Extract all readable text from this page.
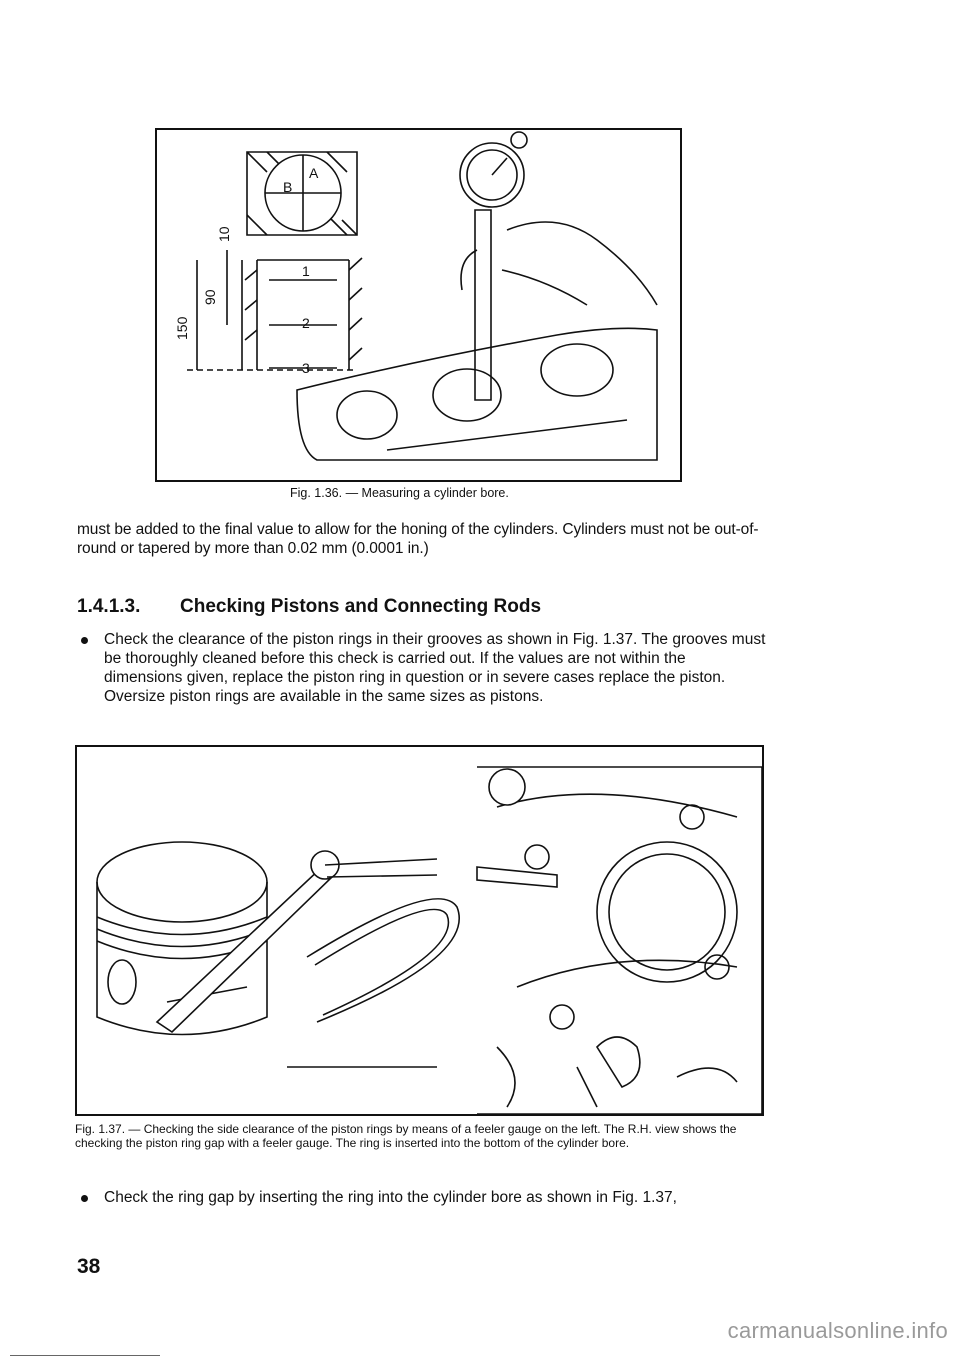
B
A
1
2
3
10
90
150
Fig. 1.36. — Measuring a cylinder bore.
must be added to the final value to allow for the honing of the cylinders. Cylinders must not be out-of-round or tapered by more than 0.02 mm (0.0001 in.)
1.4.1.3. Checking Pistons and Connecting Rods
Check the clearance of the piston rings in their grooves as shown in Fig. 1.37. The grooves must be thoroughly cleaned before this check is carried out. If the values are not within the dimensions given, replace the piston ring in question or in severe cases replace the piston. Oversize piston rings are available in the same sizes as pistons.
Fig. 1.37. — Checking the side clearance of the piston rings by means of a feeler gauge on the left. The R.H. view shows the checking the piston ring gap with a feeler gauge. The ring is inserted into the bottom of the cylinder bore.
Check the ring gap by inserting the ring into the cylinder bore as shown in Fig. 1.37,
38
carmanualsonline.info
